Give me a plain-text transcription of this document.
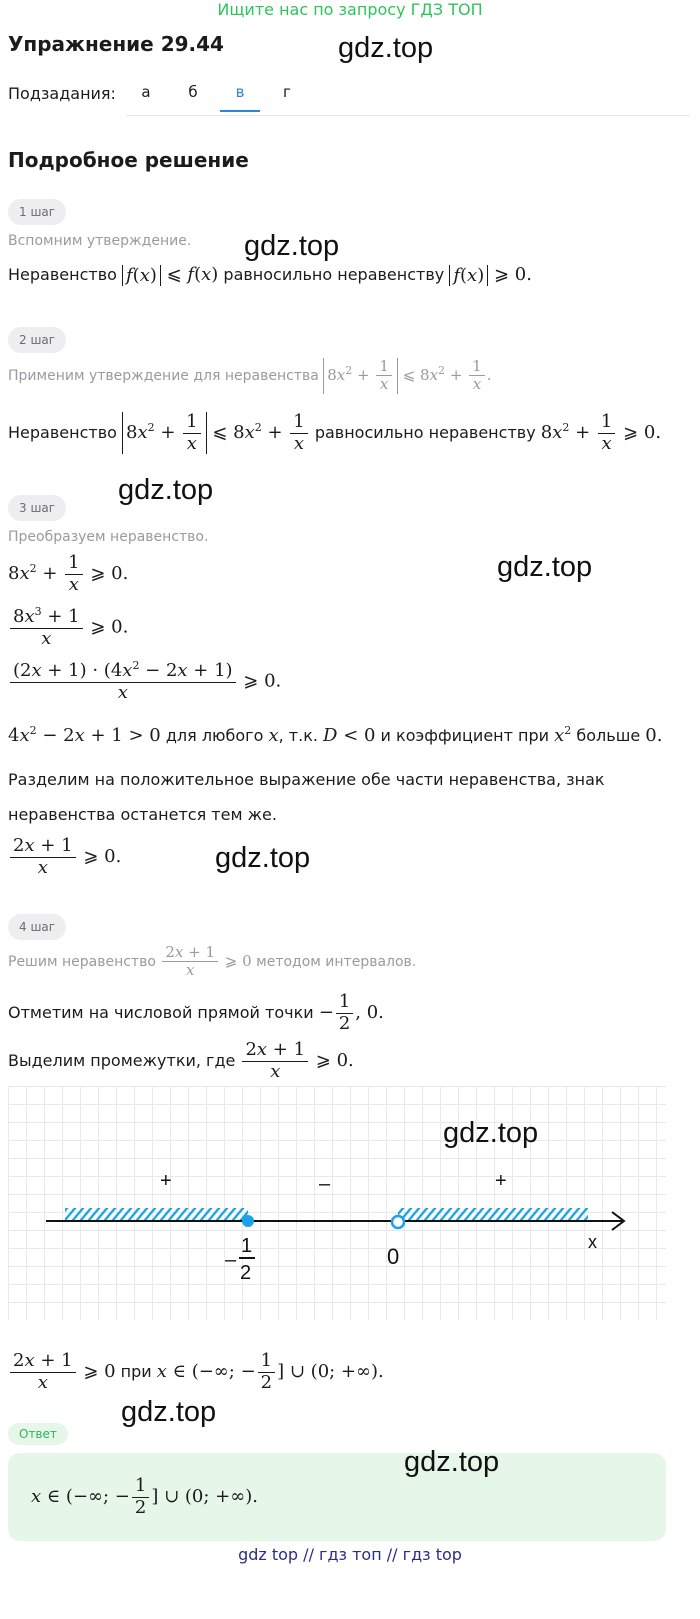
Ищите нас по запросу ГДЗ ТОП
Упражнение 29.44	gdz.top
Подзадания:	а	б	в	г
Подробное решение
1 шаг
Вспомним утверждение. gdz.top
Неравенство f(x) ⩽ f(x) равносильно неравенству f(x) ⩾ 0.
2 шаг
Применим утверждение для неравенства $8x^2 + \frac{1}{x}$ ⩽ $8x^2 + \frac{1}{x}$ .
Неравенство $8x^2 + \frac{1}{x}$ ⩽ $8x^2 + \frac{1}{x}$ равносильно неравенству $8x^2 + \frac{1}{x}$ ⩾ 0.
3 шаг
gdz.top
Преобразуем неравенство.
gdz.top
$8x^2 + \frac{1}{x}$ ⩾ 0.
$\frac{8x^3 + 1}{x}$ ⩾ 0.
$\frac{(2x + 1) \cdot (4x^2 - 2x + 1)}{x}$ ⩾ 0.
$4x^2 - 2x + 1 > 0$ для любого x, т.к. D < 0 и коэффициент при $x^2$ больше 0.
Разделим на положительное выражение обе части неравенства, знак
неравенства останется тем же.
$\frac{2x + 1}{x}$ ⩾ 0.	gdz.top
4 шаг
Решим неравенство $\frac{2x + 1}{x}$ ⩾ 0 методом интервалов.
Отметим на числовой прямой точки − $\frac{1}{2}$ , 0.
Выделим промежутки, где $\frac{2x + 1}{x}$ ⩾ 0.
gdz.top
+	–	+
–
1
2
0
x
$\frac{2x + 1}{x}$ ⩾ 0 при x ∈ (−∞; − $\frac{1}{2}$ ] ∪ (0; +∞).
gdz.top
Ответ
gdz.top
x ∈ (−∞; − $\frac{1}{2}$ ] ∪ (0; +∞).
gdz top // гдз топ // гдз top
